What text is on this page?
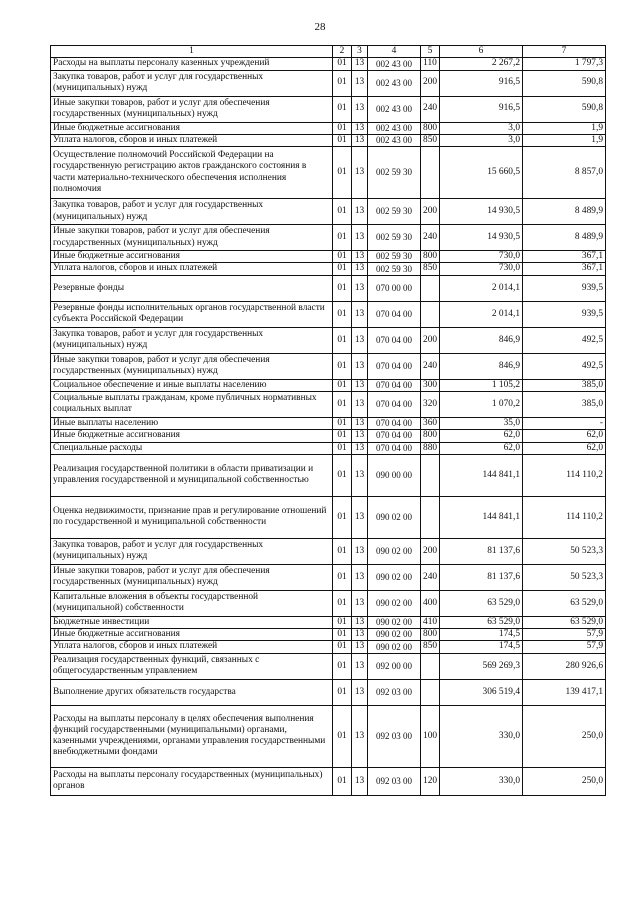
28
1	2	3	4	5	6	7
Расходы на выплаты персоналу казенных учреждений	01	13	002 43 00	110	2 267,2	1 797,3
Закупка товаров, работ и услуг для государственных (муниципальных) нужд	01	13	002 43 00	200	916,5	590,8
Иные закупки товаров, работ и услуг для обеспечения государственных (муниципальных) нужд	01	13	002 43 00	240	916,5	590,8
Иные бюджетные ассигнования	01	13	002 43 00	800	3,0	1,9
Уплата налогов, сборов и иных платежей	01	13	002 43 00	850	3,0	1,9
Осуществление полномочий Российской Федерации на государственную регистрацию актов гражданского состояния в части материально-технического обеспечения исполнения полномочия	01	13	002 59 30		15 660,5	8 857,0
Закупка товаров, работ и услуг для государственных (муниципальных) нужд	01	13	002 59 30	200	14 930,5	8 489,9
Иные закупки товаров, работ и услуг для обеспечения государственных (муниципальных) нужд	01	13	002 59 30	240	14 930,5	8 489,9
Иные бюджетные ассигнования	01	13	002 59 30	800	730,0	367,1
Уплата налогов, сборов и иных платежей	01	13	002 59 30	850	730,0	367,1
Резервные фонды	01	13	070 00 00		2 014,1	939,5
Резервные фонды исполнительных органов государственной власти субъекта Российской Федерации	01	13	070 04 00		2 014,1	939,5
Закупка товаров, работ и услуг для государственных (муниципальных) нужд	01	13	070 04 00	200	846,9	492,5
Иные закупки товаров, работ и услуг для обеспечения государственных (муниципальных) нужд	01	13	070 04 00	240	846,9	492,5
Социальное обеспечение и иные выплаты населению	01	13	070 04 00	300	1 105,2	385,0
Социальные выплаты гражданам, кроме публичных нормативных социальных выплат	01	13	070 04 00	320	1 070,2	385,0
Иные выплаты населению	01	13	070 04 00	360	35,0	-
Иные бюджетные ассигнования	01	13	070 04 00	800	62,0	62,0
Специальные расходы	01	13	070 04 00	880	62,0	62,0
Реализация государственной политики в области приватизации и управления государственной и муниципальной собственностью	01	13	090 00 00		144 841,1	114 110,2
Оценка недвижимости, признание прав и регулирование отношений по государственной и муниципальной собственности	01	13	090 02 00		144 841,1	114 110,2
Закупка товаров, работ и услуг для государственных (муниципальных) нужд	01	13	090 02 00	200	81 137,6	50 523,3
Иные закупки товаров, работ и услуг для обеспечения государственных (муниципальных) нужд	01	13	090 02 00	240	81 137,6	50 523,3
Капитальные вложения в объекты государственной (муниципальной) собственности	01	13	090 02 00	400	63 529,0	63 529,0
Бюджетные инвестиции	01	13	090 02 00	410	63 529,0	63 529,0
Иные бюджетные ассигнования	01	13	090 02 00	800	174,5	57,9
Уплата налогов, сборов и иных платежей	01	13	090 02 00	850	174,5	57,9
Реализация государственных функций, связанных с общегосударственным управлением	01	13	092 00 00		569 269,3	280 926,6
Выполнение других обязательств государства	01	13	092 03 00		306 519,4	139 417,1
Расходы на выплаты персоналу в целях обеспечения выполнения функций государственными (муниципальными) органами, казенными учреждениями, органами управления государственными внебюджетными фондами	01	13	092 03 00	100	330,0	250,0
Расходы на выплаты персоналу государственных (муниципальных) органов	01	13	092 03 00	120	330,0	250,0
